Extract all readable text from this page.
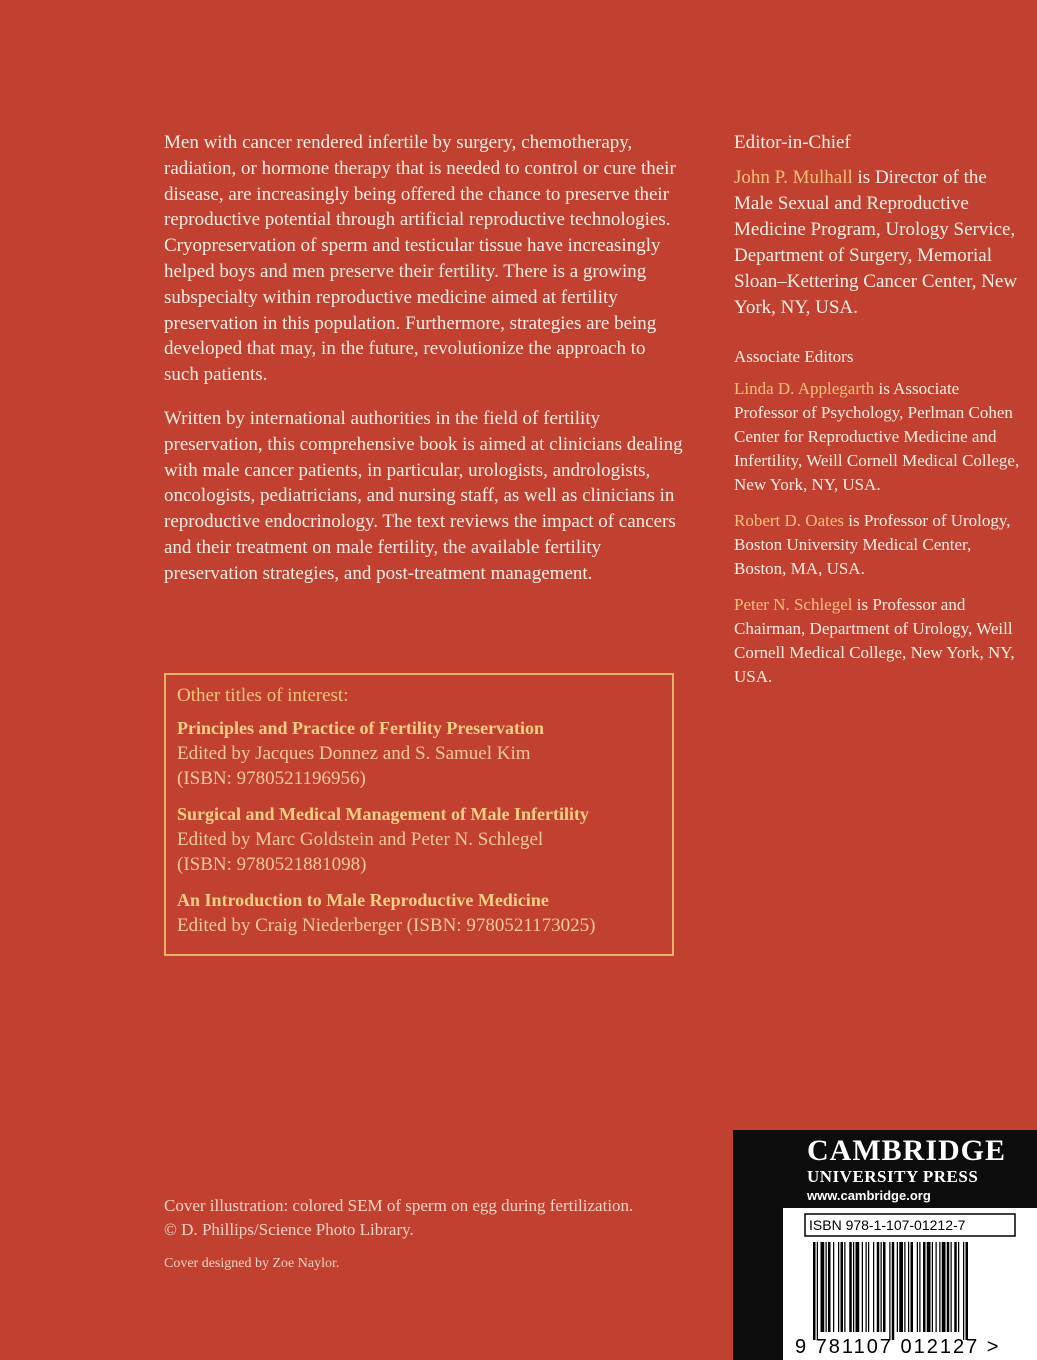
Men with cancer rendered infertile by surgery, chemotherapy, radiation, or hormone therapy that is needed to control or cure their disease, are increasingly being offered the chance to preserve their reproductive potential through artificial reproductive technologies. Cryopreservation of sperm and testicular tissue have increasingly helped boys and men preserve their fertility. There is a growing subspecialty within reproductive medicine aimed at fertility preservation in this population. Furthermore, strategies are being developed that may, in the future, revolutionize the approach to such patients.

Written by international authorities in the field of fertility preservation, this comprehensive book is aimed at clinicians dealing with male cancer patients, in particular, urologists, andrologists, oncologists, pediatricians, and nursing staff, as well as clinicians in reproductive endocrinology. The text reviews the impact of cancers and their treatment on male fertility, the available fertility preservation strategies, and post-treatment management.

Other titles of interest:
Principles and Practice of Fertility Preservation
Edited by Jacques Donnez and S. Samuel Kim
(ISBN: 9780521196956)
Surgical and Medical Management of Male Infertility
Edited by Marc Goldstein and Peter N. Schlegel
(ISBN: 9780521881098)
An Introduction to Male Reproductive Medicine
Edited by Craig Niederberger (ISBN: 9780521173025)
Editor-in-Chief
John P. Mulhall is Director of the Male Sexual and Reproductive Medicine Program, Urology Service, Department of Surgery, Memorial Sloan–Kettering Cancer Center, New York, NY, USA.
Associate Editors
Linda D. Applegarth is Associate Professor of Psychology, Perlman Cohen Center for Reproductive Medicine and Infertility, Weill Cornell Medical College, New York, NY, USA.
Robert D. Oates is Professor of Urology, Boston University Medical Center, Boston, MA, USA.
Peter N. Schlegel is Professor and Chairman, Department of Urology, Weill Cornell Medical College, New York, NY, USA.
Cover illustration: colored SEM of sperm on egg during fertilization. © D. Phillips/Science Photo Library.
Cover designed by Zoe Naylor.
CAMBRIDGE
UNIVERSITY PRESS
www.cambridge.org
9 781107 012127 >
ISBN 978-1-107-01212-7
